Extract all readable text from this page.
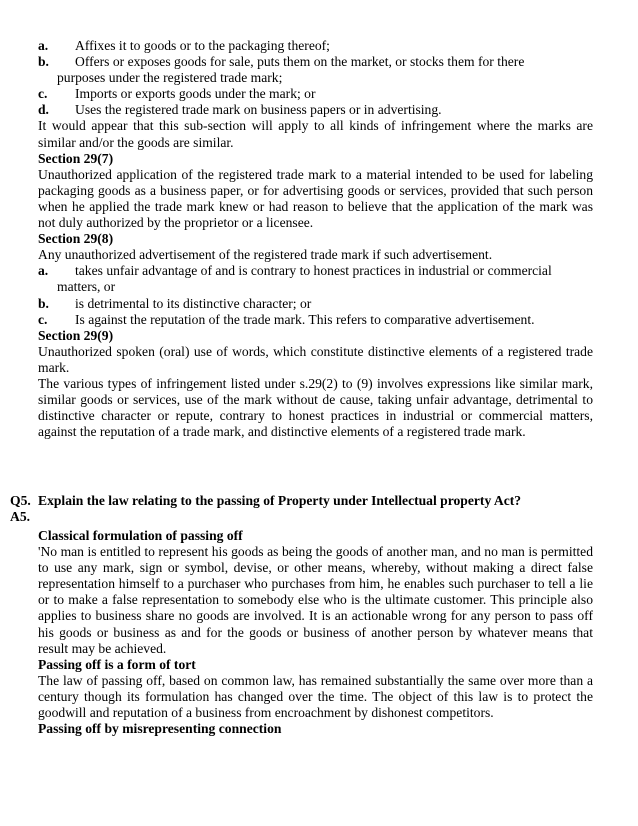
a. Affixes it to goods or to the packaging thereof;
b. Offers or exposes goods for sale, puts them on the market, or stocks them for there
purposes under the registered trade mark;
c. Imports or exports goods under the mark; or
d. Uses the registered trade mark on business papers or in advertising.
It would appear that this sub-section will apply to all kinds of infringement where the marks are similar and/or the goods are similar.
Section 29(7)
Unauthorized application of the registered trade mark to a material intended to be used for labeling packaging goods as a business paper, or for advertising goods or services, provided that such person when he applied the trade mark knew or had reason to believe that the application of the mark was not duly authorized by the proprietor or a licensee.
Section 29(8)
Any unauthorized advertisement of the registered trade mark if such advertisement.
a. takes unfair advantage of and is contrary to honest practices in industrial or commercial
matters, or
b. is detrimental to its distinctive character; or
c. Is against the reputation of the trade mark. This refers to comparative advertisement.
Section 29(9)
Unauthorized spoken (oral) use of words, which constitute distinctive elements of a registered trade mark.
The various types of infringement listed under s.29(2) to (9) involves expressions like similar mark, similar goods or services, use of the mark without de cause, taking unfair advantage, detrimental to distinctive character or repute, contrary to honest practices in industrial or commercial matters, against the reputation of a trade mark, and distinctive elements of a registered trade mark.
Q5. Explain the law relating to the passing of Property under Intellectual property Act?
A5.
Classical formulation of passing off
'No man is entitled to represent his goods as being the goods of another man, and no man is permitted to use any mark, sign or symbol, devise, or other means, whereby, without making a direct false representation himself to a purchaser who purchases from him, he enables such purchaser to tell a lie or to make a false representation to somebody else who is the ultimate customer. This principle also applies to business share no goods are involved. It is an actionable wrong for any person to pass off his goods or business as and for the goods or business of another person by whatever means that result may be achieved.
Passing off is a form of tort
The law of passing off, based on common law, has remained substantially the same over more than a century though its formulation has changed over the time. The object of this law is to protect the goodwill and reputation of a business from encroachment by dishonest competitors.
Passing off by misrepresenting connection
